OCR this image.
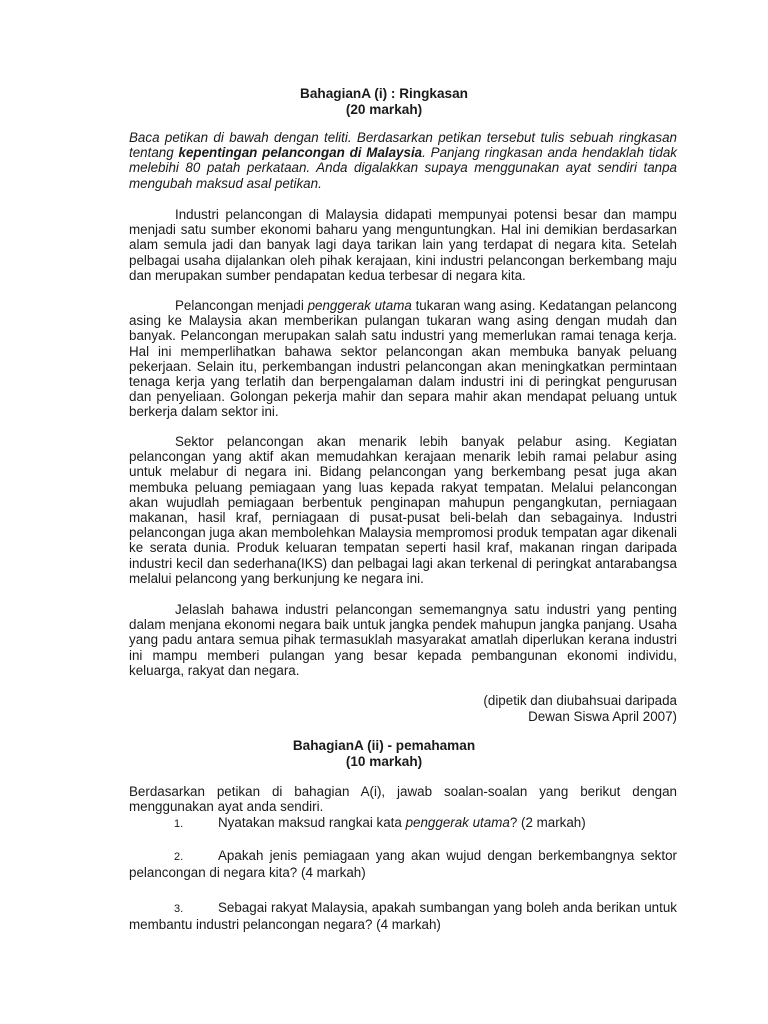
BahagianA (i) : Ringkasan
(20 markah)
Baca petikan di bawah dengan teliti. Berdasarkan petikan tersebut tulis sebuah ringkasan tentang kepentingan pelancongan di Malaysia. Panjang ringkasan anda hendaklah tidak melebihi 80 patah perkataan. Anda digalakkan supaya menggunakan ayat sendiri tanpa mengubah maksud asal petikan.
Industri pelancongan di Malaysia didapati mempunyai potensi besar dan mampu menjadi satu sumber ekonomi baharu yang menguntungkan. Hal ini demikian berdasarkan alam semula jadi dan banyak lagi daya tarikan lain yang terdapat di negara kita. Setelah pelbagai usaha dijalankan oleh pihak kerajaan, kini industri pelancongan berkembang maju dan merupakan sumber pendapatan kedua terbesar di negara kita.
Pelancongan menjadi penggerak utama tukaran wang asing. Kedatangan pelancong asing ke Malaysia akan memberikan pulangan tukaran wang asing dengan mudah dan banyak. Pelancongan merupakan salah satu industri yang memerlukan ramai tenaga kerja. Hal ini memperlihatkan bahawa sektor pelancongan akan membuka banyak peluang pekerjaan. Selain itu, perkembangan industri pelancongan akan meningkatkan permintaan tenaga kerja yang terlatih dan berpengalaman dalam industri ini di peringkat pengurusan dan penyeliaan. Golongan pekerja mahir dan separa mahir akan mendapat peluang untuk berkerja dalam sektor ini.
Sektor pelancongan akan menarik lebih banyak pelabur asing. Kegiatan pelancongan yang aktif akan memudahkan kerajaan menarik lebih ramai pelabur asing untuk melabur di negara ini. Bidang pelancongan yang berkembang pesat juga akan membuka peluang pemiagaan yang luas kepada rakyat tempatan. Melalui pelancongan akan wujudlah pemiagaan berbentuk penginapan mahupun pengangkutan, perniagaan makanan, hasil kraf, perniagaan di pusat-pusat beli-belah dan sebagainya. Industri pelancongan juga akan membolehkan Malaysia mempromosi produk tempatan agar dikenali ke serata dunia. Produk keluaran tempatan seperti hasil kraf, makanan ringan daripada industri kecil dan sederhana(IKS) dan pelbagai lagi akan terkenal di peringkat antarabangsa melalui pelancong yang berkunjung ke negara ini.
Jelaslah bahawa industri pelancongan sememangnya satu industri yang penting dalam menjana ekonomi negara baik untuk jangka pendek mahupun jangka panjang. Usaha yang padu antara semua pihak termasuklah masyarakat amatlah diperlukan kerana industri ini mampu memberi pulangan yang besar kepada pembangunan ekonomi individu, keluarga, rakyat dan negara.
(dipetik dan diubahsuai daripada
Dewan Siswa April 2007)
BahagianA (ii) - pemahaman
(10 markah)
Berdasarkan petikan di bahagian A(i), jawab soalan-soalan yang berikut dengan menggunakan ayat anda sendiri.
1.	Nyatakan maksud rangkai kata penggerak utama? (2 markah)
2.	Apakah jenis pemiagaan yang akan wujud dengan berkembangnya sektor pelancongan di negara kita? (4 markah)
3.	Sebagai rakyat Malaysia, apakah sumbangan yang boleh anda berikan untuk membantu industri pelancongan negara? (4 markah)
